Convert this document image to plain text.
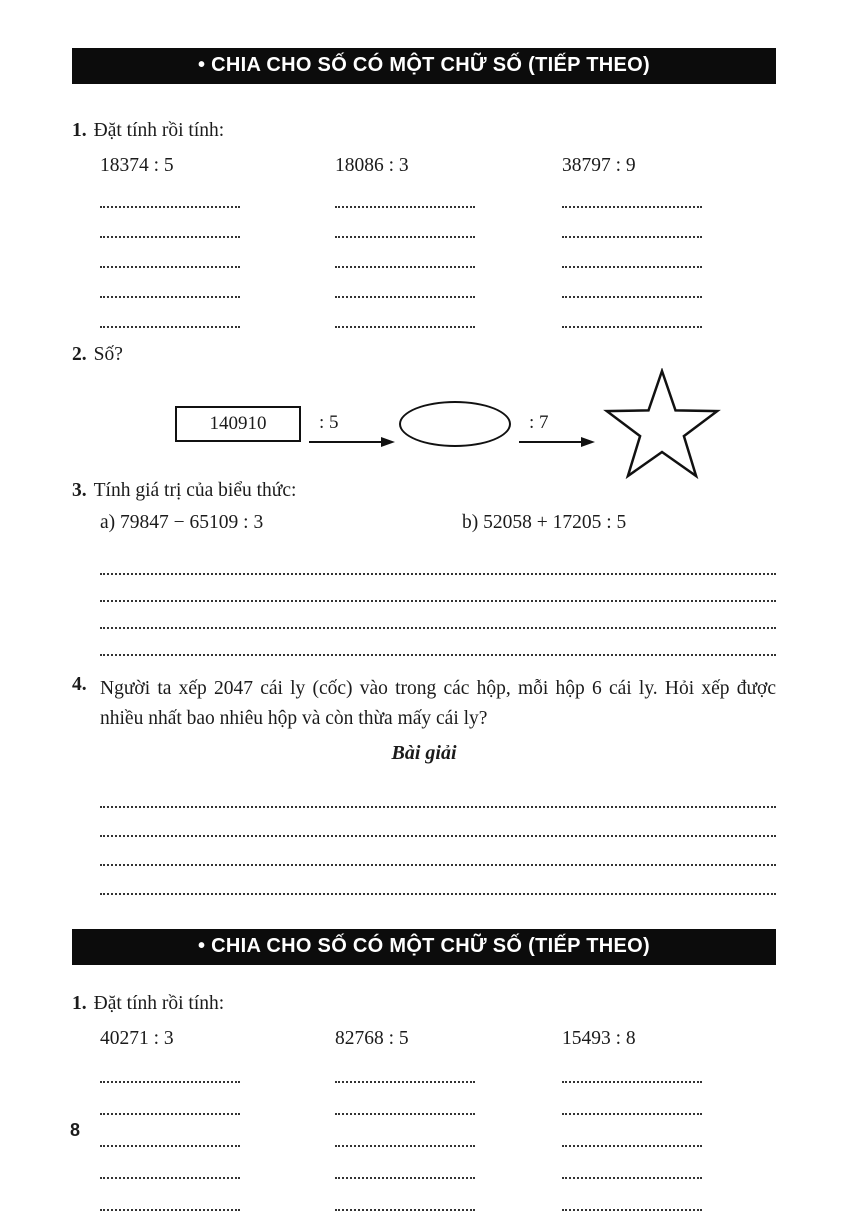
• CHIA CHO SỐ CÓ MỘT CHỮ SỐ (TIẾP THEO)
1. Đặt tính rồi tính:
18374 : 5	18086 : 3	38797 : 9
2. Số?
140910	: 5	: 7
3. Tính giá trị của biểu thức:
a) 79847 − 65109 : 3	b) 52058 + 17205 : 5
4. Người ta xếp 2047 cái ly (cốc) vào trong các hộp, mỗi hộp 6 cái ly. Hỏi xếp được nhiều nhất bao nhiêu hộp và còn thừa mấy cái ly?
Bài giải
• CHIA CHO SỐ CÓ MỘT CHỮ SỐ (TIẾP THEO)
1. Đặt tính rồi tính:
40271 : 3	82768 : 5	15493 : 8
8
